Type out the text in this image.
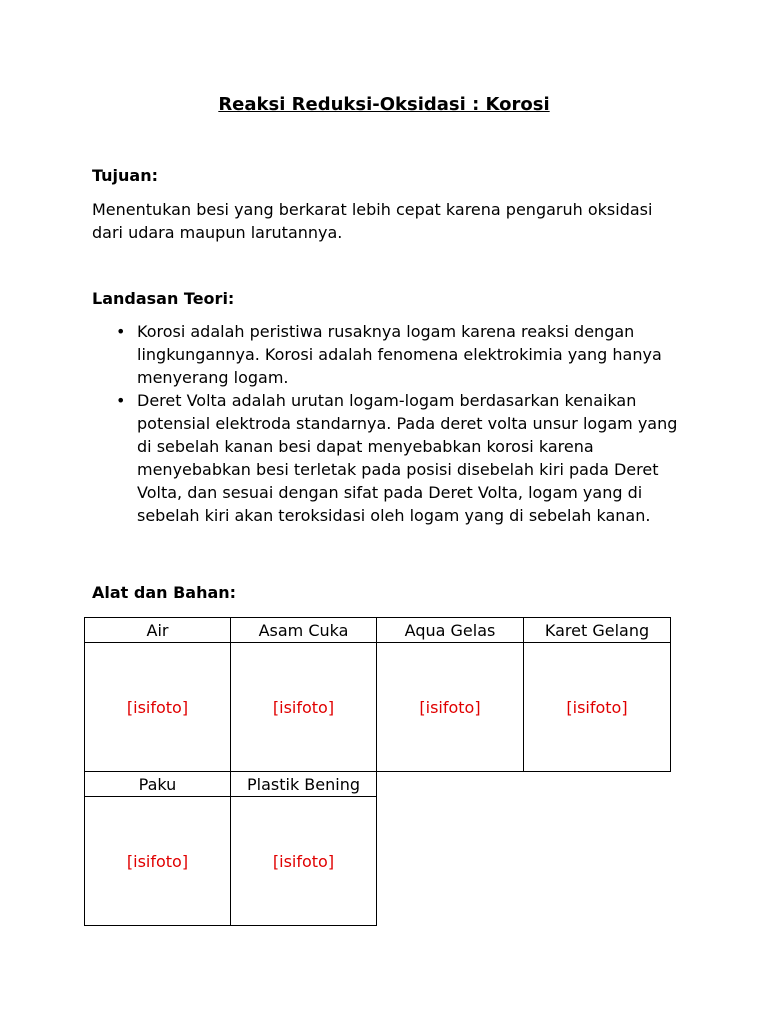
Reaksi Reduksi-Oksidasi : Korosi
Tujuan:
Menentukan besi yang berkarat lebih cepat karena pengaruh oksidasi dari udara maupun larutannya.
Landasan Teori:
• Korosi adalah peristiwa rusaknya logam karena reaksi dengan lingkungannya. Korosi adalah fenomena elektrokimia yang hanya menyerang logam.
• Deret Volta adalah urutan logam-logam berdasarkan kenaikan potensial elektroda standarnya. Pada deret volta unsur logam yang di sebelah kanan besi dapat menyebabkan korosi karena menyebabkan besi terletak pada posisi disebelah kiri pada Deret Volta, dan sesuai dengan sifat pada Deret Volta, logam yang di sebelah kiri akan teroksidasi oleh logam yang di sebelah kanan.
Alat dan Bahan:
Air	Asam Cuka	Aqua Gelas	Karet Gelang
[isifoto]	[isifoto]	[isifoto]	[isifoto]
Paku	Plastik Bening		
[isifoto]	[isifoto]		
